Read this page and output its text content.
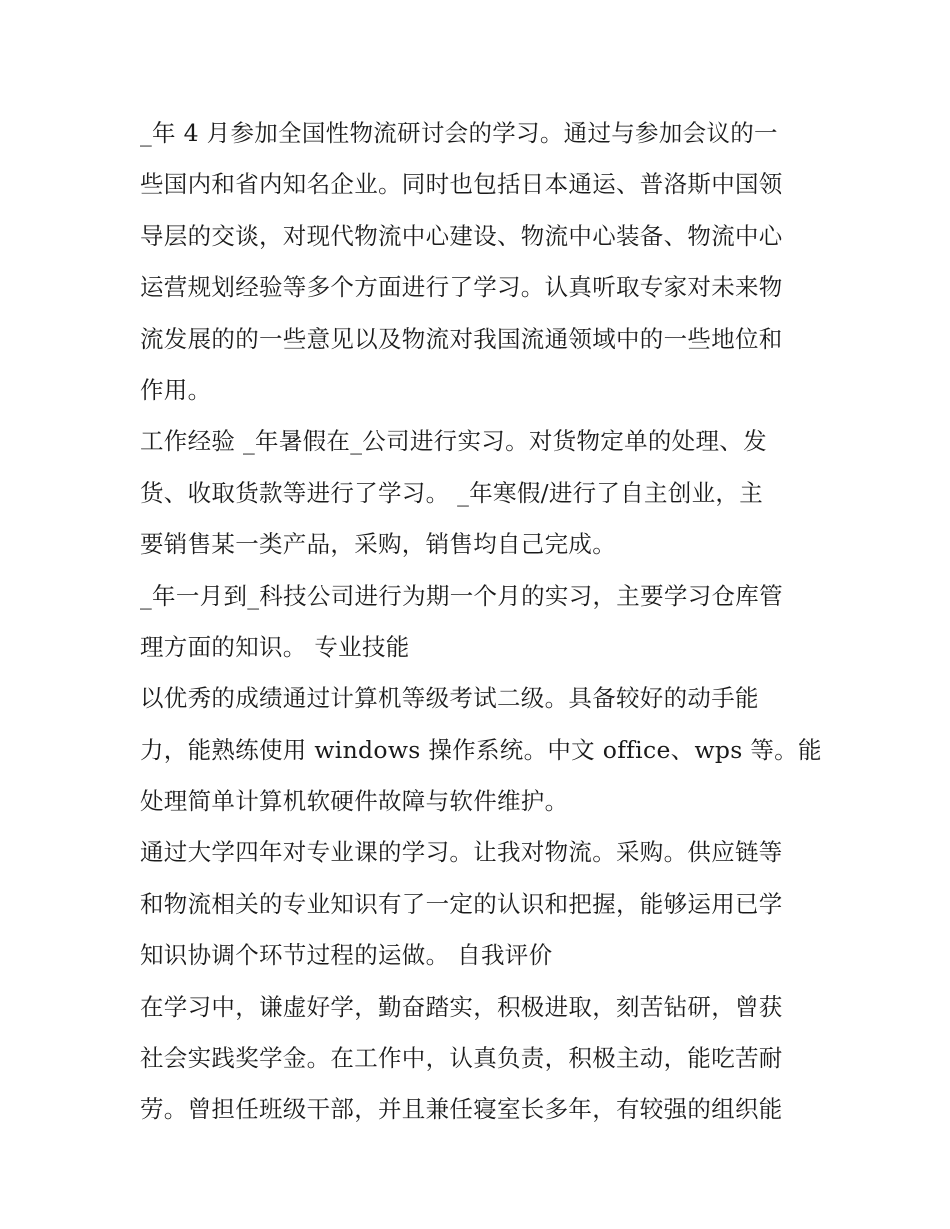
_年 4 月参加全国性物流研讨会的学习。通过与参加会议的一
些国内和省内知名企业。同时也包括日本通运、普洛斯中国领
导层的交谈，对现代物流中心建设、物流中心装备、物流中心
运营规划经验等多个方面进行了学习。认真听取专家对未来物
流发展的的一些意见以及物流对我国流通领域中的一些地位和
作用。
工作经验 _年暑假在_公司进行实习。对货物定单的处理、发
货、收取货款等进行了学习。 _年寒假/进行了自主创业，主
要销售某一类产品，采购，销售均自己完成。
_年一月到_科技公司进行为期一个月的实习，主要学习仓库管
理方面的知识。 专业技能
以优秀的成绩通过计算机等级考试二级。具备较好的动手能
力，能熟练使用 windows 操作系统。中文 office、wps 等。能
处理简单计算机软硬件故障与软件维护。
通过大学四年对专业课的学习。让我对物流。采购。供应链等
和物流相关的专业知识有了一定的认识和把握，能够运用已学
知识协调个环节过程的运做。 自我评价
在学习中，谦虚好学，勤奋踏实，积极进取，刻苦钻研，曾获
社会实践奖学金。在工作中，认真负责，积极主动，能吃苦耐
劳。曾担任班级干部，并且兼任寝室长多年，有较强的组织能
